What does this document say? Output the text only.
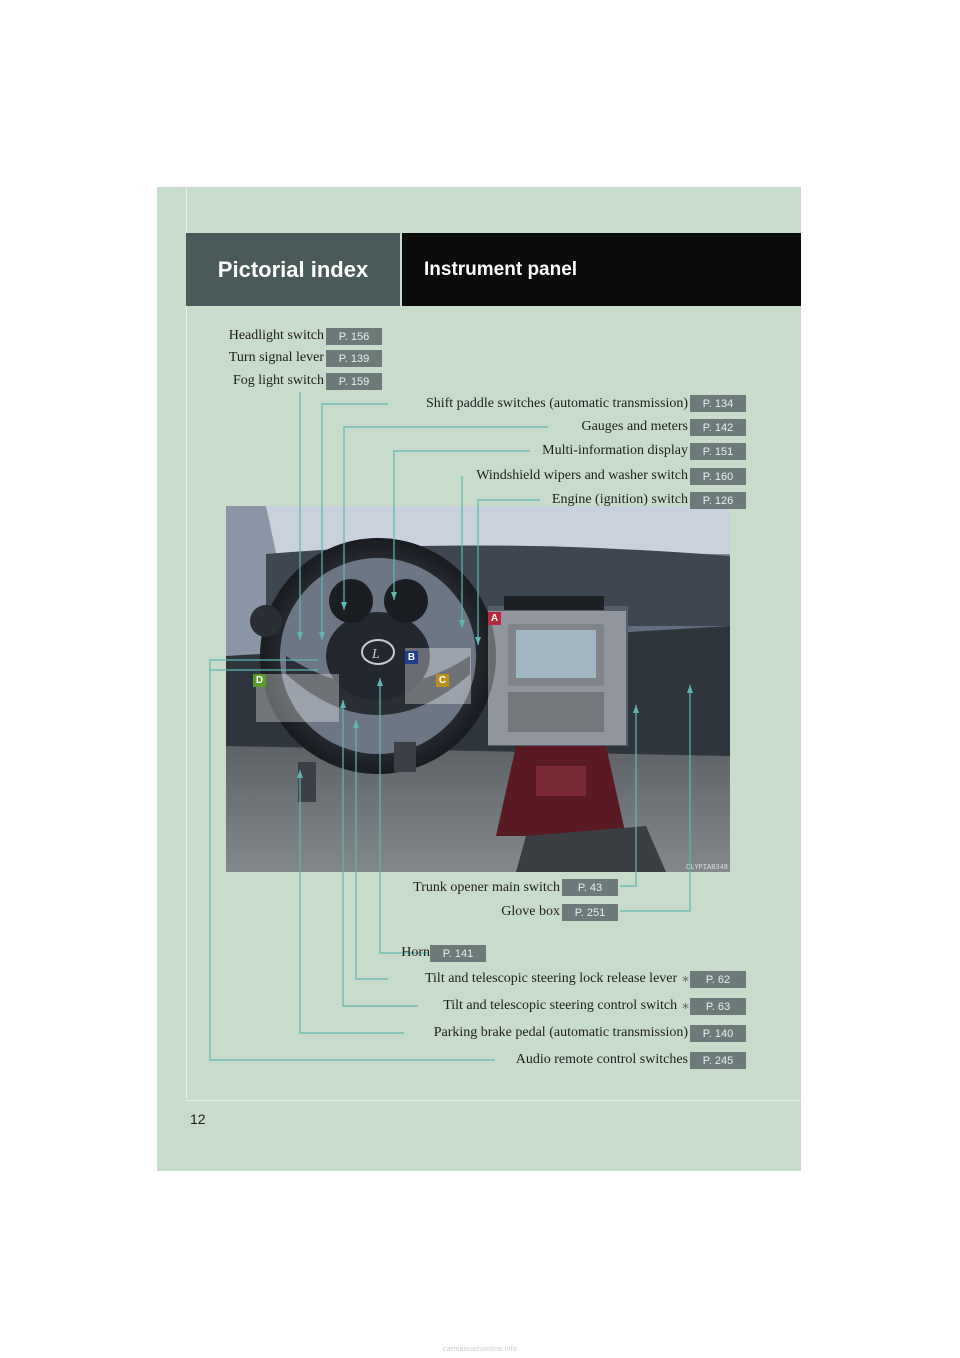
Pictorial index	Instrument panel
L
A
B
C
D
CLYPIAB348
Headlight switch	P. 156
Turn signal lever	P. 139
Fog light switch	P. 159
Shift paddle switches (automatic transmission)	P. 134
Gauges and meters	P. 142
Multi-information display	P. 151
Windshield wipers and washer switch	P. 160
Engine (ignition) switch	P. 126
Trunk opener main switch	P. 43
Glove box	P. 251
Horn	P. 141
Tilt and telescopic steering lock release lever ∗	P. 62
Tilt and telescopic steering control switch ∗	P. 63
Parking brake pedal (automatic transmission)	P. 140
Audio remote control switches	P. 245
12
carmanualsonline.info
